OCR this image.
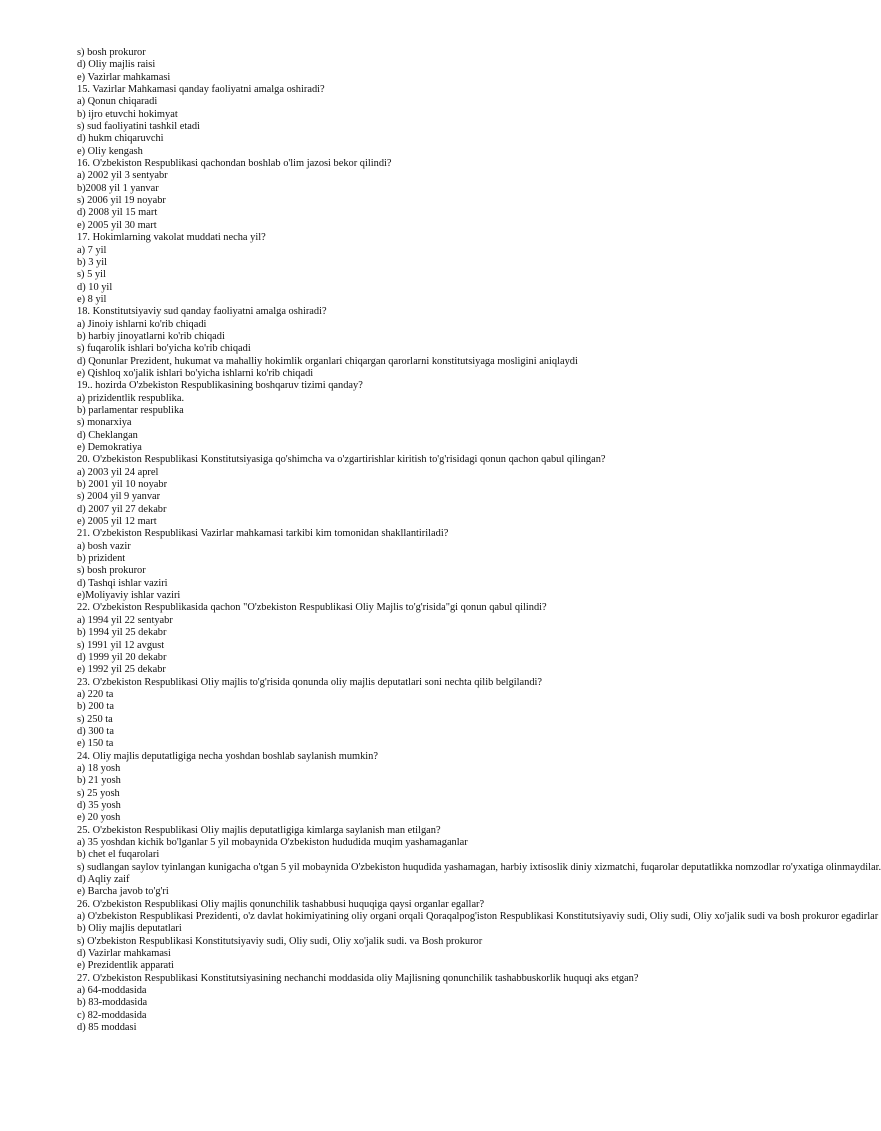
s) bosh prokuror
d) Oliy majlis raisi
e) Vazirlar mahkamasi
15. Vazirlar Mahkamasi qanday faoliyatni amalga oshiradi?
a) Qonun chiqaradi
b) ijro etuvchi hokimyat
s) sud faoliyatini tashkil etadi
d) hukm chiqaruvchi
e) Oliy kengash
16. O'zbekiston Respublikasi qachondan boshlab o'lim jazosi bekor qilindi?
a) 2002 yil 3 sentyabr
b)2008 yil 1 yanvar
s) 2006 yil 19 noyabr
d) 2008 yil 15 mart
e) 2005 yil 30 mart
17. Hokimlarning vakolat muddati necha yil?
a) 7 yil
b) 3 yil
s) 5 yil
d) 10 yil
e) 8 yil
18. Konstitutsiyaviy sud qanday faoliyatni amalga oshiradi?
a) Jinoiy ishlarni ko'rib chiqadi
b) harbiy jinoyatlarni ko'rib chiqadi
s) fuqarolik ishlari bo'yicha ko'rib chiqadi
d) Qonunlar Prezident, hukumat va mahalliy hokimlik organlari chiqargan qarorlarni konstitutsiyaga mosligini aniqlaydi
e) Qishloq xo'jalik ishlari bo'yicha ishlarni ko'rib chiqadi
19.. hozirda O'zbekiston Respublikasining boshqaruv tizimi qanday?
a) prizidentlik respublika.
b) parlamentar respublika
s) monarxiya
d) Cheklangan
e) Demokratiya
20. O'zbekiston Respublikasi Konstitutsiyasiga qo'shimcha va o'zgartirishlar kiritish to'g'risidagi qonun qachon qabul qilingan?
a) 2003 yil 24 aprel
b) 2001 yil 10 noyabr
s) 2004 yil 9 yanvar
d) 2007 yil 27 dekabr
e) 2005 yil 12 mart
21. O'zbekiston Respublikasi Vazirlar mahkamasi tarkibi kim tomonidan shakllantiriladi?
a) bosh vazir
b) prizident
s) bosh prokuror
d) Tashqi ishlar vaziri
e)Moliyaviy ishlar vaziri
22. O'zbekiston Respublikasida qachon "O'zbekiston Respublikasi Oliy Majlis to'g'risida"gi qonun qabul qilindi?
a) 1994 yil 22 sentyabr
b) 1994 yil 25 dekabr
s) 1991 yil 12 avgust
d) 1999 yil 20 dekabr
e) 1992 yil 25 dekabr
23. O'zbekiston Respublikasi Oliy majlis to'g'risida qonunda oliy majlis deputatlari soni nechta qilib belgilandi?
a) 220 ta
b) 200 ta
s) 250 ta
d) 300 ta
e) 150 ta
24. Oliy majlis deputatligiga necha yoshdan boshlab saylanish mumkin?
a) 18 yosh
b) 21 yosh
s) 25 yosh
d) 35 yosh
e) 20 yosh
25. O'zbekiston Respublikasi Oliy majlis deputatligiga kimlarga saylanish man etilgan?
a) 35 yoshdan kichik bo'lganlar 5 yil mobaynida O'zbekiston hududida muqim yashamaganlar
b) chet el fuqarolari
s) sudlangan saylov tyinlangan kunigacha o'tgan 5 yil mobaynida O'zbekiston huqudida yashamagan, harbiy ixtisoslik diniy xizmatchi, fuqarolar deputatlikka nomzodlar ro'yxatiga olinmaydilar.
d) Aqliy zaif
e) Barcha javob to'g'ri
26. O'zbekiston Respublikasi Oliy majlis qonunchilik tashabbusi huquqiga qaysi organlar egallar?
a) O'zbekiston Respublikasi Prezidenti, o'z davlat hokimiyatining oliy organi orqali Qoraqalpog'iston Respublikasi Konstitutsiyaviy sudi, Oliy sudi, Oliy xo'jalik sudi va bosh prokuror egadirlar
b) Oliy majlis deputatlari
s) O'zbekiston Respublikasi Konstitutsiyaviy sudi, Oliy sudi, Oliy xo'jalik sudi. va Bosh prokuror
d) Vazirlar mahkamasi
e) Prezidentlik apparati
27. O'zbekiston Respublikasi Konstitutsiyasining nechanchi moddasida oliy Majlisning qonunchilik tashabbuskorlik huquqi aks etgan?
a) 64-moddasida
b) 83-moddasida
c) 82-moddasida
d) 85 moddasi
